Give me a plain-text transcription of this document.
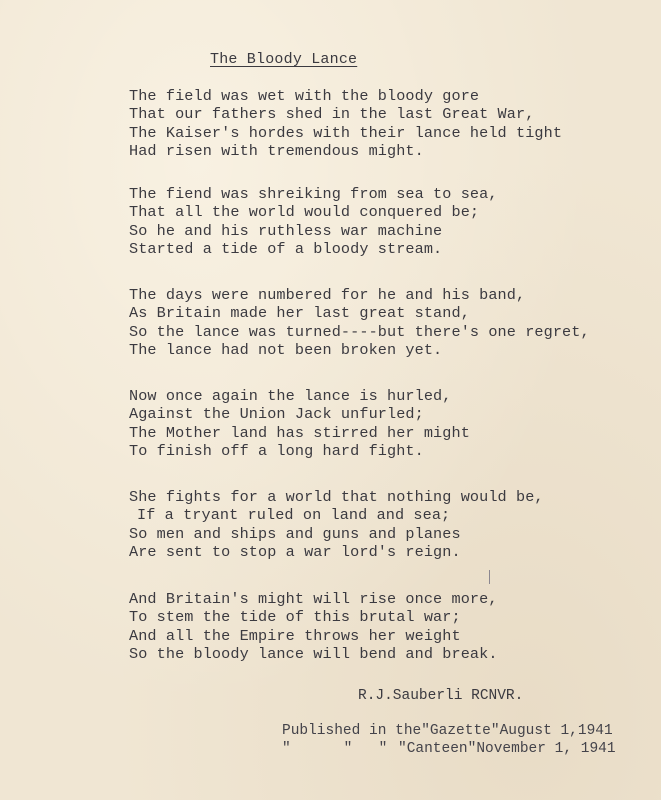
The Bloody Lance
The field was wet with the bloody gore
That our fathers shed in the last Great War,
The Kaiser's hordes with their lance held tight
Had risen with tremendous might.
The fiend was shreiking from sea to sea,
That all the world would conquered be;
So he and his ruthless war machine
Started a tide of a bloody stream.
The days were numbered for he and his band,
As Britain made her last great stand,
So the lance was turned----but there's one regret,
The lance had not been broken yet.
Now once again the lance is hurled,
Against the Union Jack unfurled;
The Mother land has stirred her might
To finish off a long hard fight.
She fights for a world that nothing would be,
If a tryant ruled on land and sea;
So men and ships and guns and planes
Are sent to stop a war lord's reign.
And Britain's might will rise once more,
To stem the tide of this brutal war;
And all the Empire throws her weight
So the bloody lance will bend and break.
R.J.Sauberli RCNVR.
Published in the"Gazette"August 1,1941
"	" " "Canteen"November 1, 1941
